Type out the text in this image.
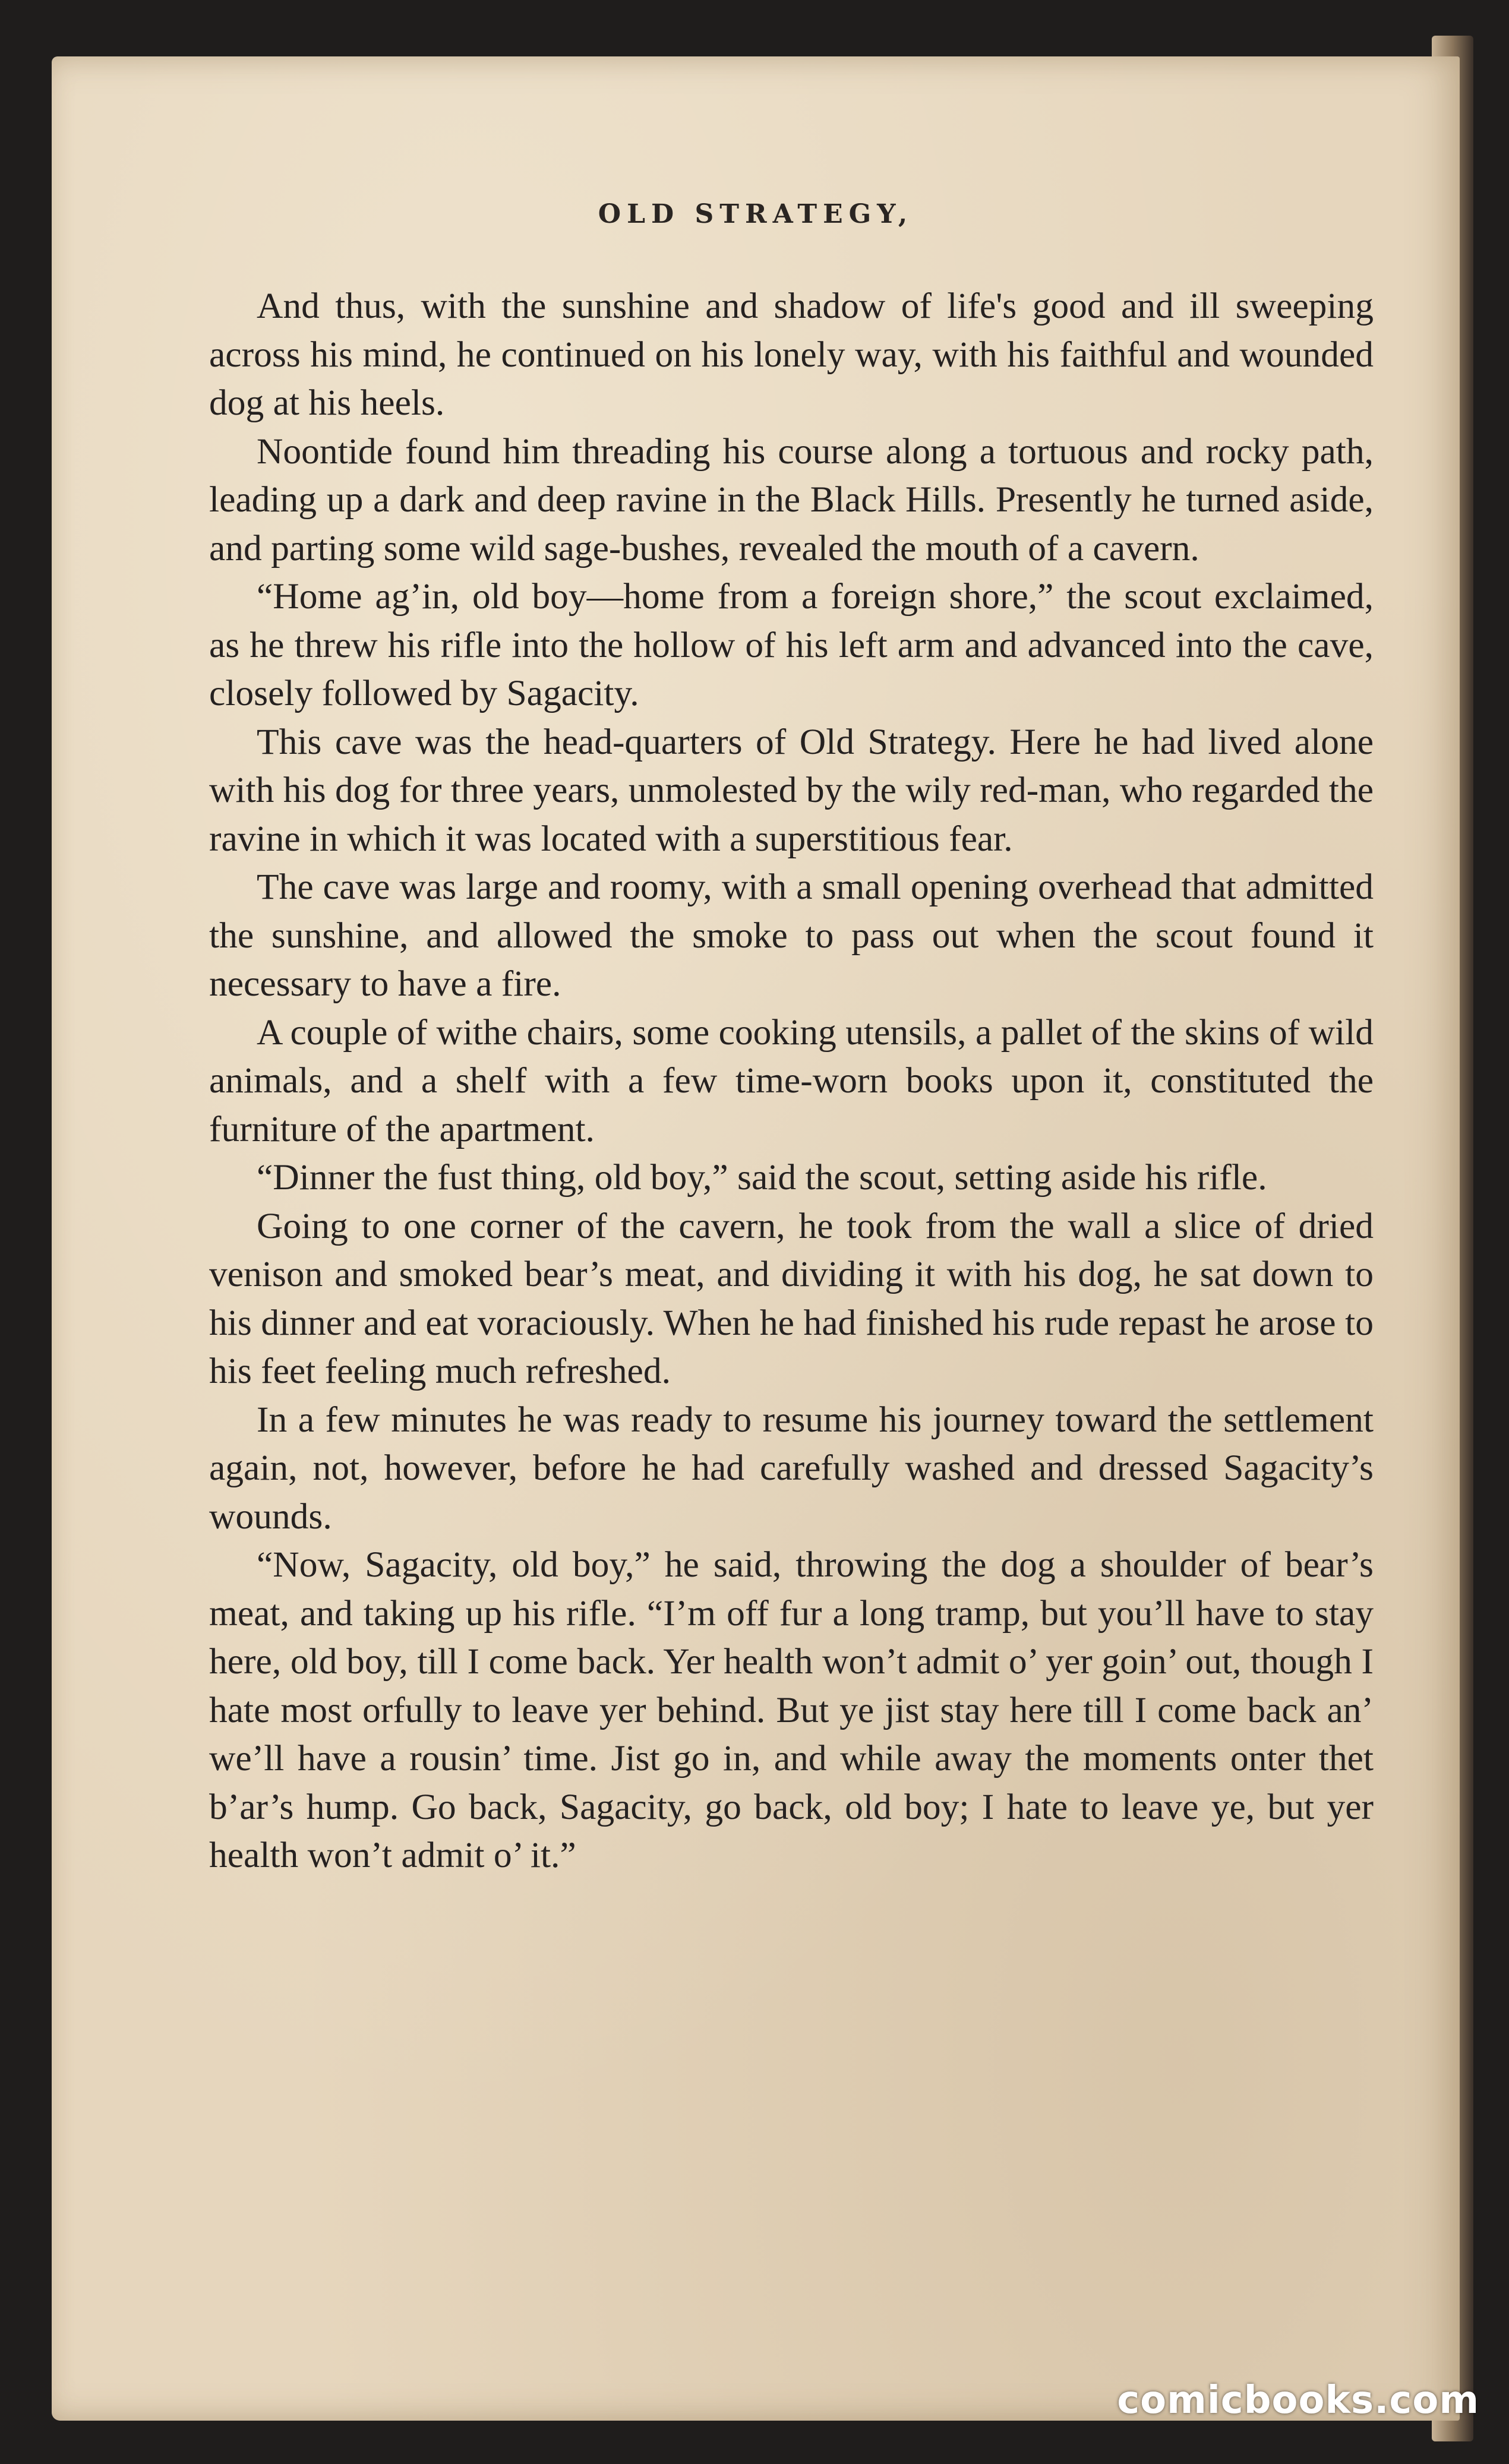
OLD STRATEGY,

And thus, with the sunshine and shadow of life's good and ill sweeping across his mind, he continued on his lonely way, with his faithful and wounded dog at his heels.

Noontide found him threading his course along a tortuous and rocky path, leading up a dark and deep ravine in the Black Hills. Presently he turned aside, and parting some wild sage-bushes, revealed the mouth of a cavern.

“Home ag’in, old boy—home from a foreign shore,” the scout exclaimed, as he threw his rifle into the hollow of his left arm and advanced into the cave, closely followed by Sagacity.

This cave was the head-quarters of Old Strategy. Here he had lived alone with his dog for three years, unmolested by the wily red-man, who regarded the ravine in which it was located with a superstitious fear.

The cave was large and roomy, with a small opening overhead that admitted the sunshine, and allowed the smoke to pass out when the scout found it necessary to have a fire.

A couple of withe chairs, some cooking utensils, a pallet of the skins of wild animals, and a shelf with a few time-worn books upon it, constituted the furniture of the apartment.

“Dinner the fust thing, old boy,” said the scout, setting aside his rifle.

Going to one corner of the cavern, he took from the wall a slice of dried venison and smoked bear’s meat, and dividing it with his dog, he sat down to his dinner and eat voraciously. When he had finished his rude repast he arose to his feet feeling much refreshed.

In a few minutes he was ready to resume his journey toward the settlement again, not, however, before he had carefully washed and dressed Sagacity’s wounds.

“Now, Sagacity, old boy,” he said, throwing the dog a shoulder of bear’s meat, and taking up his rifle. “I’m off fur a long tramp, but you’ll have to stay here, old boy, till I come back. Yer health won’t admit o’ yer goin’ out, though I hate most orfully to leave yer behind. But ye jist stay here till I come back an’ we’ll have a rousin’ time. Jist go in, and while away the moments onter thet b’ar’s hump. Go back, Sagacity, go back, old boy; I hate to leave ye, but yer health won’t admit o’ it.”

comicbooks.com
